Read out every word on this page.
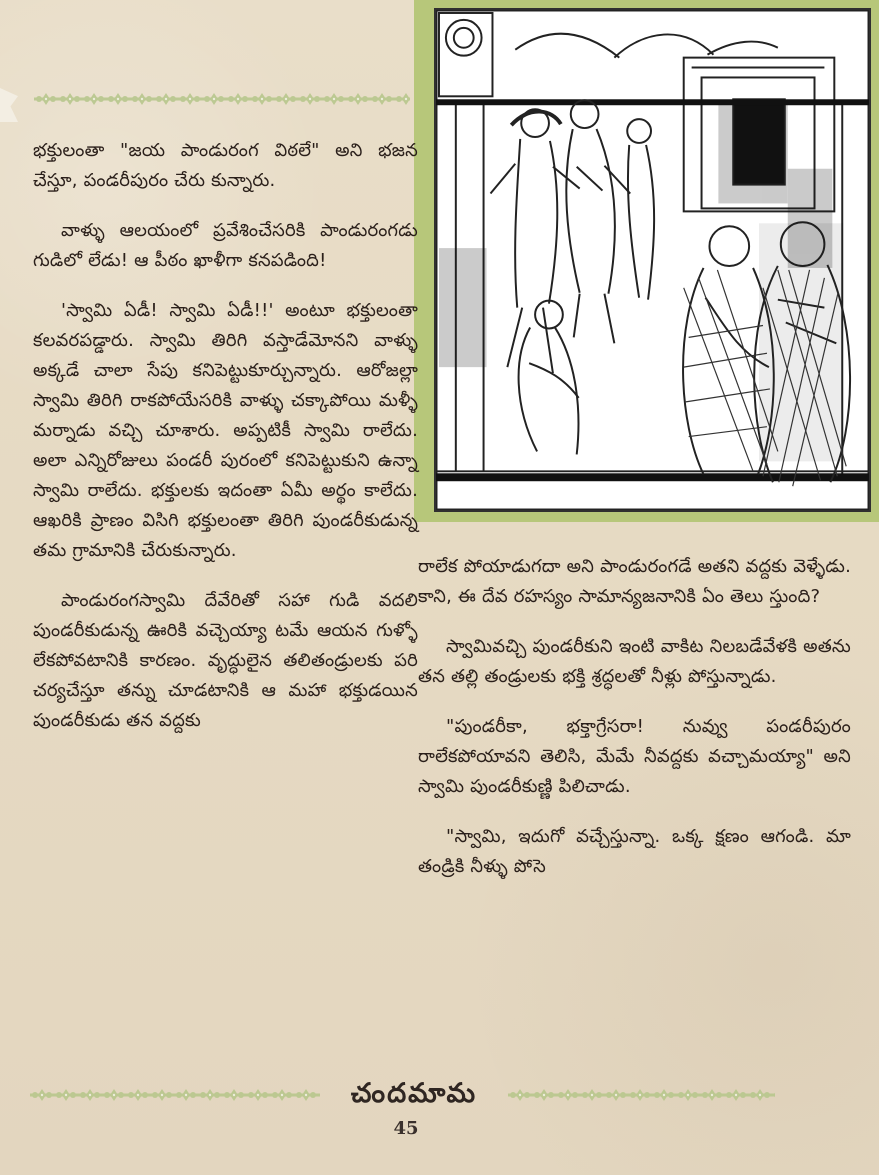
భక్తులంతా "జయ పాండురంగ విఠలే" అని భజన చేస్తూ, పండరీపురం చేరు కున్నారు.

వాళ్ళు ఆలయంలో ప్రవేశించేసరికి పాండురంగడు గుడిలో లేడు! ఆ పీఠం ఖాళీగా కనపడింది!

'స్వామి ఏడీ! స్వామి ఏడీ!!' అంటూ భక్తులంతా కలవరపడ్డారు. స్వామి తిరిగి వస్తాడేమోనని వాళ్ళు అక్కడే చాలా సేపు కనిపెట్టుకూర్చున్నారు. ఆరోజల్లా స్వామి తిరిగి రాకపోయేసరికి వాళ్ళు చక్కాపోయి మళ్ళీ మర్నాడు వచ్చి చూశారు. అప్పటికీ స్వామి రాలేదు. అలా ఎన్నిరోజులు పండరీ పురంలో కనిపెట్టుకుని ఉన్నా స్వామి రాలేదు. భక్తులకు ఇదంతా ఏమీ అర్థం కాలేదు. ఆఖరికి ప్రాణం విసిగి భక్తులంతా తిరిగి పుండరీకుడున్న తమ గ్రామానికి చేరుకున్నారు.

పాండురంగస్వామి దేవేరితో సహా గుడి వదలి పుండరీకుడున్న ఊరికి వచ్చెయ్యా టమే ఆయన గుళ్ళో లేకపోవటానికి కారణం. వృద్ధులైన తలితండ్రులకు పరి చర్యచేస్తూ తన్ను చూడటానికి ఆ మహా భక్తుడయిన పుండరీకుడు తన వద్దకు

రాలేక పోయాడుగదా అని పాండురంగడే అతని వద్దకు వెళ్ళేడు. కాని, ఈ దేవ రహస్యం సామాన్యజనానికి ఏం తెలు స్తుంది?

స్వామివచ్చి పుండరీకుని ఇంటి వాకిట నిలబడేవేళకి అతను తన తల్లి తండ్రులకు భక్తి శ్రద్ధలతో నీళ్లు పోస్తున్నాడు.

"పుండరీకా, భక్తాగ్రేసరా! నువ్వు పండరీపురం రాలేకపోయావని తెలిసి, మేమే నీవద్దకు వచ్చామయ్యా" అని స్వామి పుండరీకుణ్ణి పిలిచాడు.

"స్వామి, ఇదుగో వచ్చేస్తున్నా. ఒక్క క్షణం ఆగండి. మా తండ్రికి నీళ్ళు పోసె

చందమామ
45
